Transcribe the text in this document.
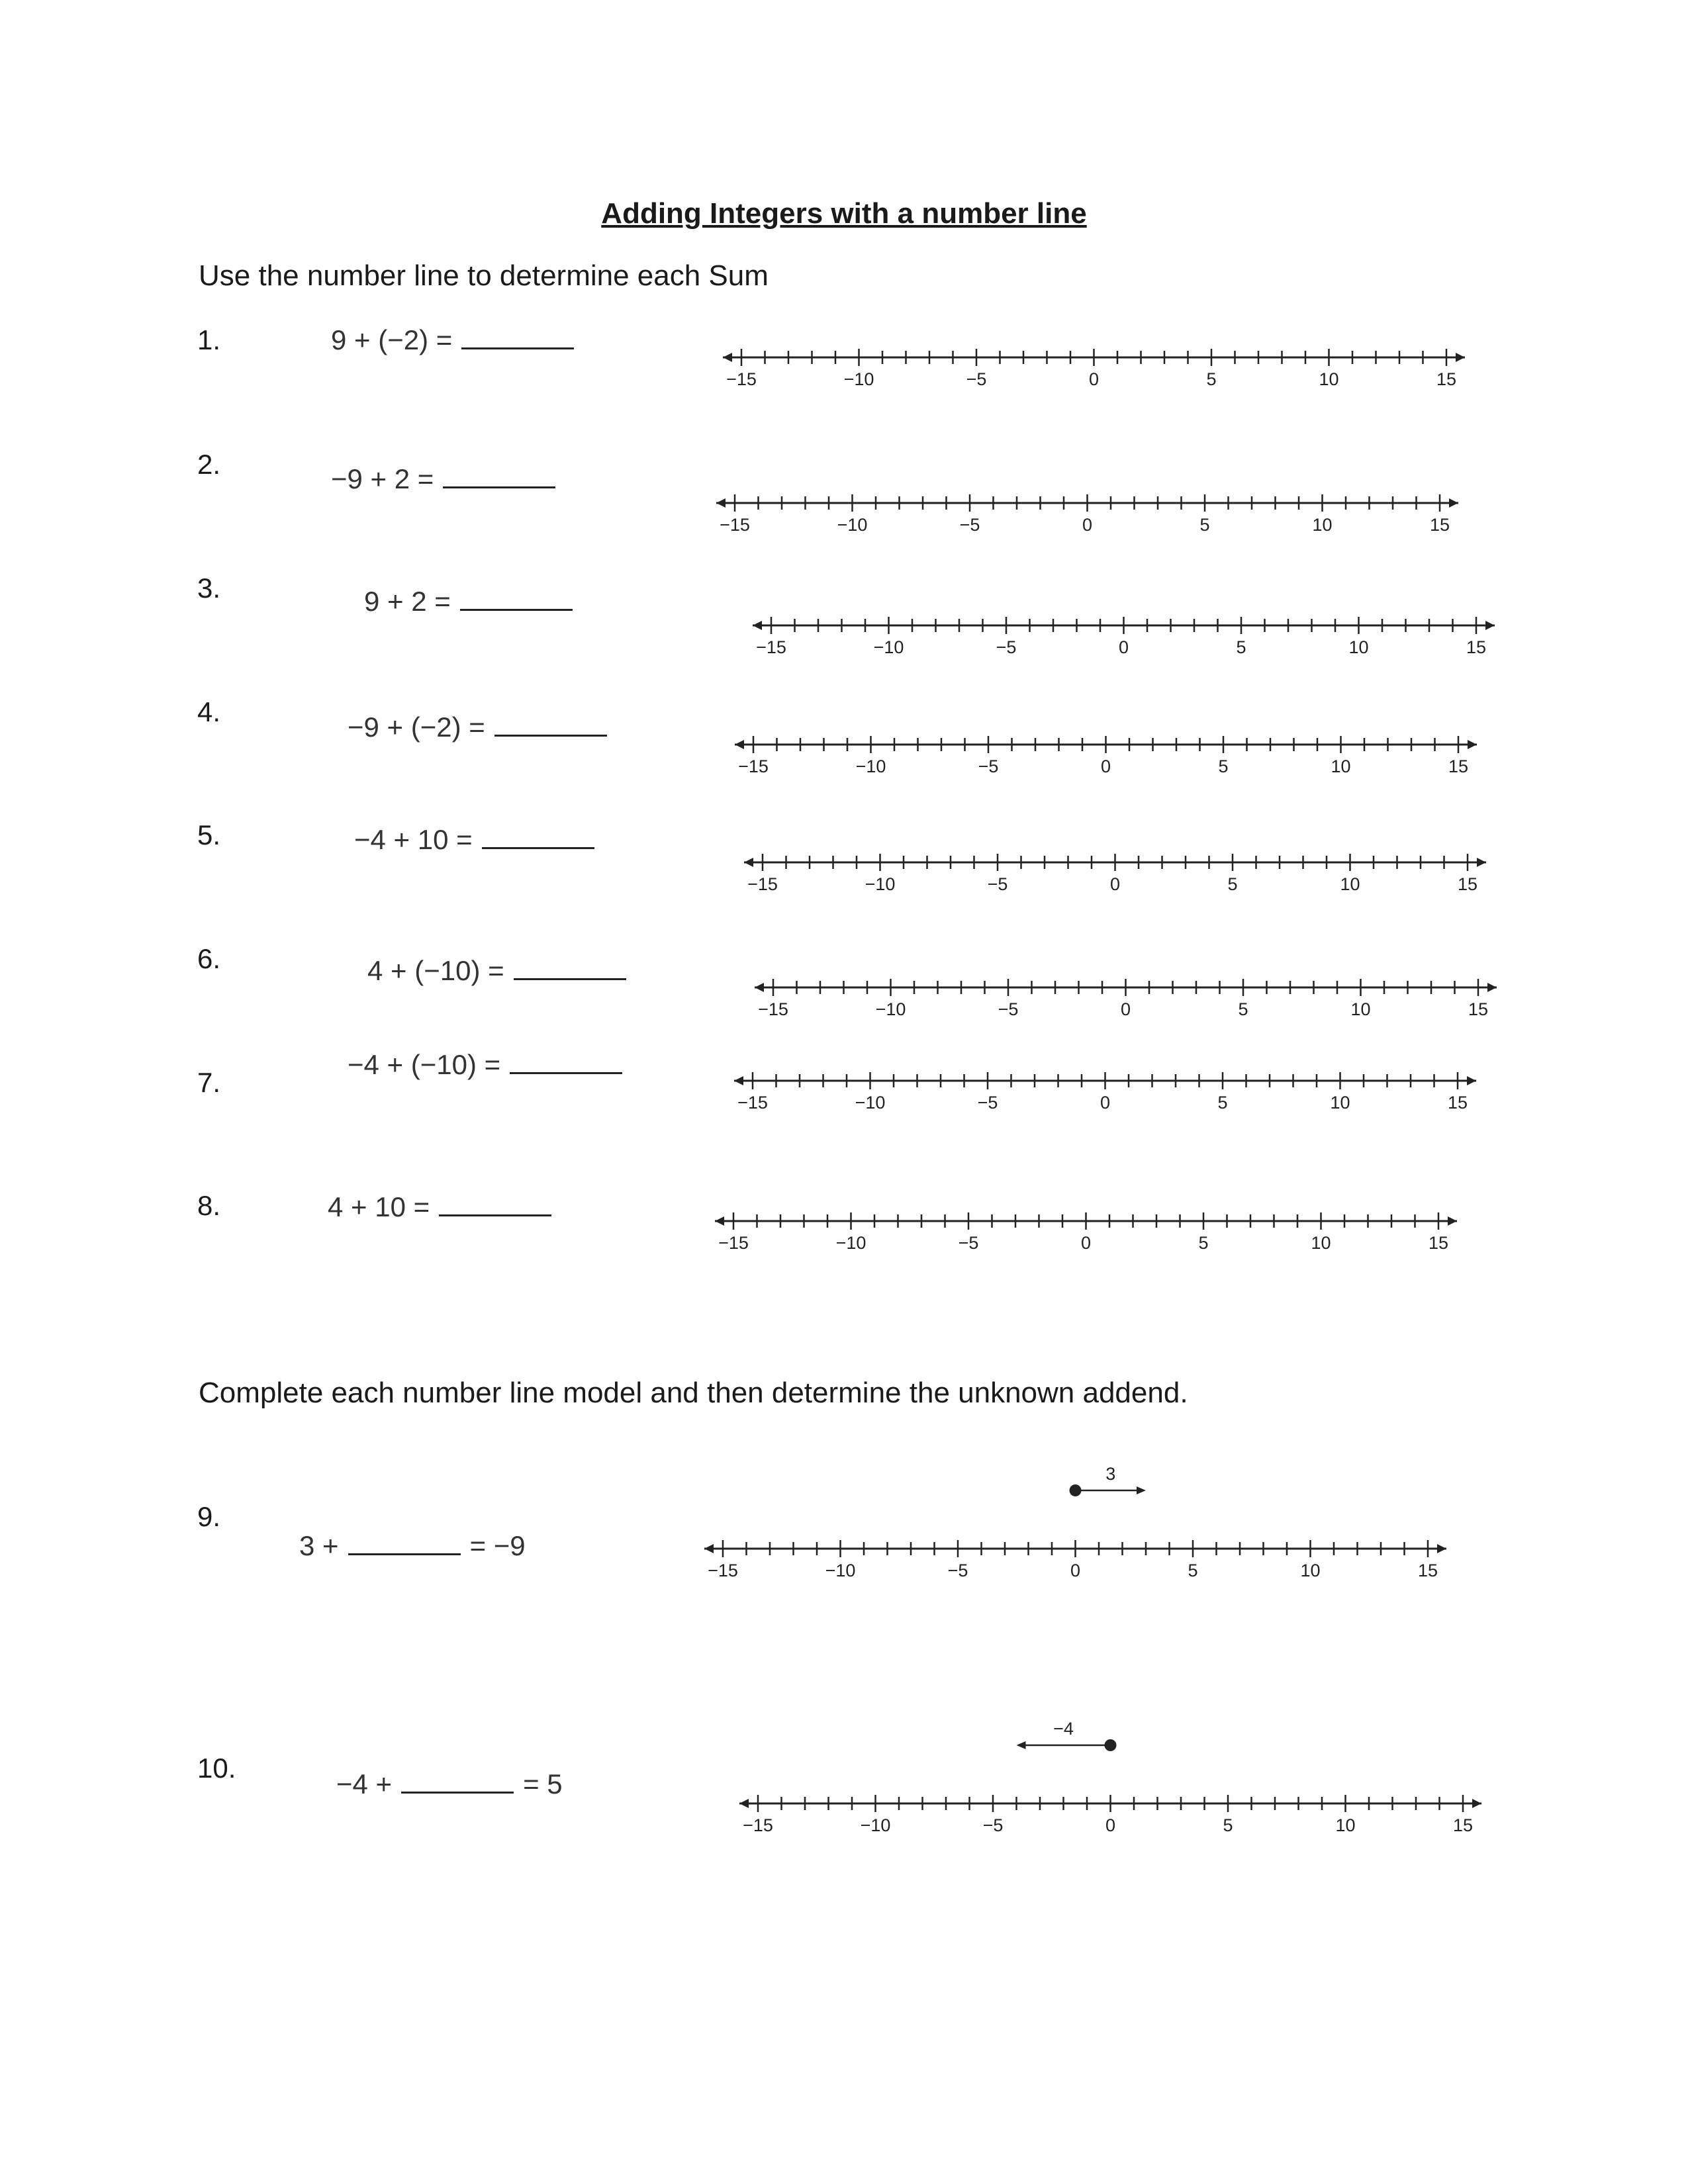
Adding Integers with a number line
Use the number line to determine each Sum
1.	9 + (−2) =
−15	−10	−5	0	5	10	15
2.	−9 + 2 =
−15	−10	−5	0	5	10	15
3.	9 + 2 =
−15	−10	−5	0	5	10	15
4.	−9 + (−2) =
−15	−10	−5	0	5	10	15
5.	−4 + 10 =
−15	−10	−5	0	5	10	15
6.	4 + (−10) =
−15	−10	−5	0	5	10	15
7.
−4 + (−10) =
−15	−10	−5	0	5	10	15
8.	4 + 10 =
−15	−10	−5	0	5	10	15
Complete each number line model and then determine the unknown addend.
9.
3 +	= −9
−15	−10	−5	0	5	10	15
3
10.
−4 +	= 5
−15	−10	−5	0	5	10	15
−4
